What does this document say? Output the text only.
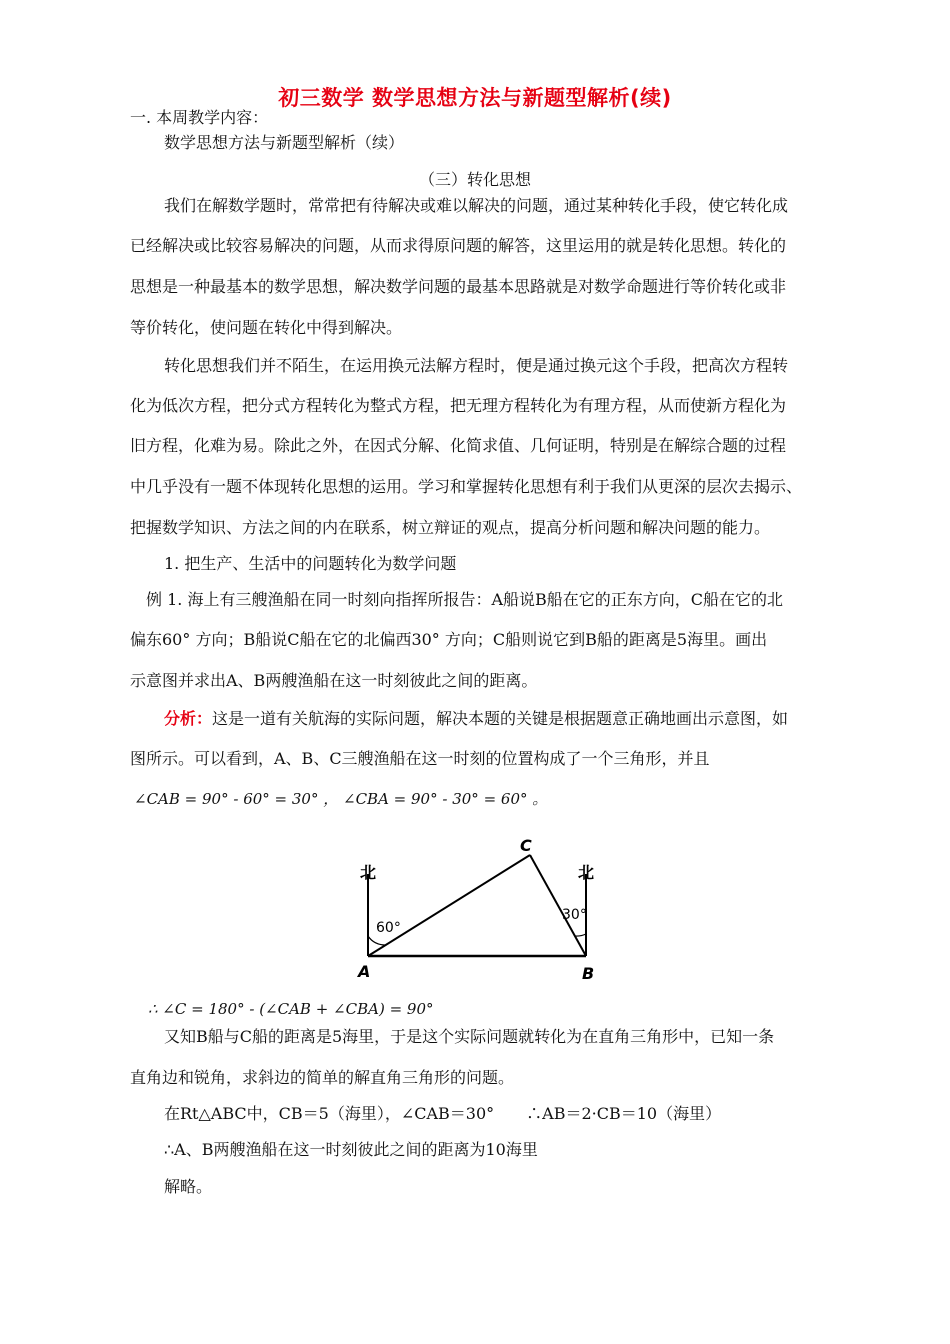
初三数学 数学思想方法与新题型解析(续)
一. 本周教学内容：
数学思想方法与新题型解析（续）
（三）转化思想
我们在解数学题时，常常把有待解决或难以解决的问题，通过某种转化手段，使它转化成
已经解决或比较容易解决的问题，从而求得原问题的解答，这里运用的就是转化思想。转化的
思想是一种最基本的数学思想，解决数学问题的最基本思路就是对数学命题进行等价转化或非
等价转化，使问题在转化中得到解决。
转化思想我们并不陌生，在运用换元法解方程时，便是通过换元这个手段，把高次方程转
化为低次方程，把分式方程转化为整式方程，把无理方程转化为有理方程，从而使新方程化为
旧方程，化难为易。除此之外，在因式分解、化简求值、几何证明，特别是在解综合题的过程
中几乎没有一题不体现转化思想的运用。学习和掌握转化思想有利于我们从更深的层次去揭示、
把握数学知识、方法之间的内在联系，树立辩证的观点，提高分析问题和解决问题的能力。
1. 把生产、生活中的问题转化为数学问题
例 1. 海上有三艘渔船在同一时刻向指挥所报告：A船说B船在它的正东方向，C船在它的北
偏东60° 方向；B船说C船在它的北偏西30° 方向；C船则说它到B船的距离是5海里。画出
示意图并求出A、B两艘渔船在这一时刻彼此之间的距离。
分析：这是一道有关航海的实际问题，解决本题的关键是根据题意正确地画出示意图，如
图所示。可以看到，A、B、C三艘渔船在这一时刻的位置构成了一个三角形，并且
∠CAB = 90° - 60° = 30° ， ∠CBA = 90° - 30° = 60° 。
北	北
60°
30°
A	B
C
∴ ∠C = 180° - (∠CAB + ∠CBA) = 90°
又知B船与C船的距离是5海里，于是这个实际问题就转化为在直角三角形中，已知一条
直角边和锐角，求斜边的简单的解直角三角形的问题。
在Rt△ABC中，CB＝5（海里），∠CAB＝30°　　∴AB＝2·CB＝10（海里）
∴A、B两艘渔船在这一时刻彼此之间的距离为10海里
解略。
